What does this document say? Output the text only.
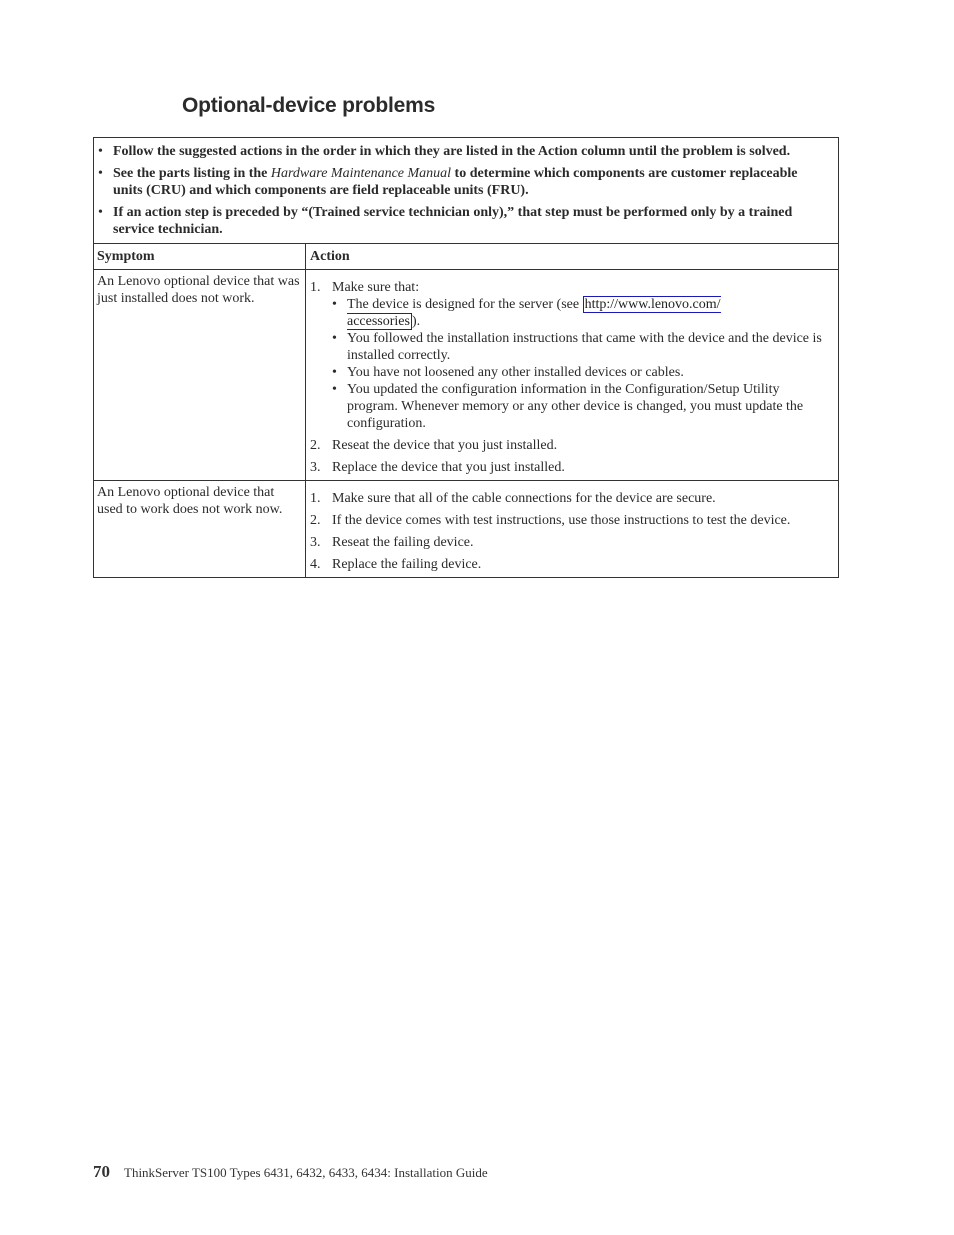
Optional-device problems
• Follow the suggested actions in the order in which they are listed in the Action column until the problem is solved.
• See the parts listing in the Hardware Maintenance Manual to determine which components are customer replaceable units (CRU) and which components are field replaceable units (FRU).
• If an action step is preceded by “(Trained service technician only),” that step must be performed only by a trained service technician.
Symptom	Action
An Lenovo optional device that was just installed does not work.
1. Make sure that:
• The device is designed for the server (see http://www.lenovo.com/
accessories ).
• You followed the installation instructions that came with the device and the device is installed correctly.
• You have not loosened any other installed devices or cables.
• You updated the configuration information in the Configuration/Setup Utility program. Whenever memory or any other device is changed, you must update the configuration.
2. Reseat the device that you just installed.
3. Replace the device that you just installed.
An Lenovo optional device that used to work does not work now.
1. Make sure that all of the cable connections for the device are secure.
2. If the device comes with test instructions, use those instructions to test the device.
3. Reseat the failing device.
4. Replace the failing device.
70 ThinkServer TS100 Types 6431, 6432, 6433, 6434: Installation Guide
